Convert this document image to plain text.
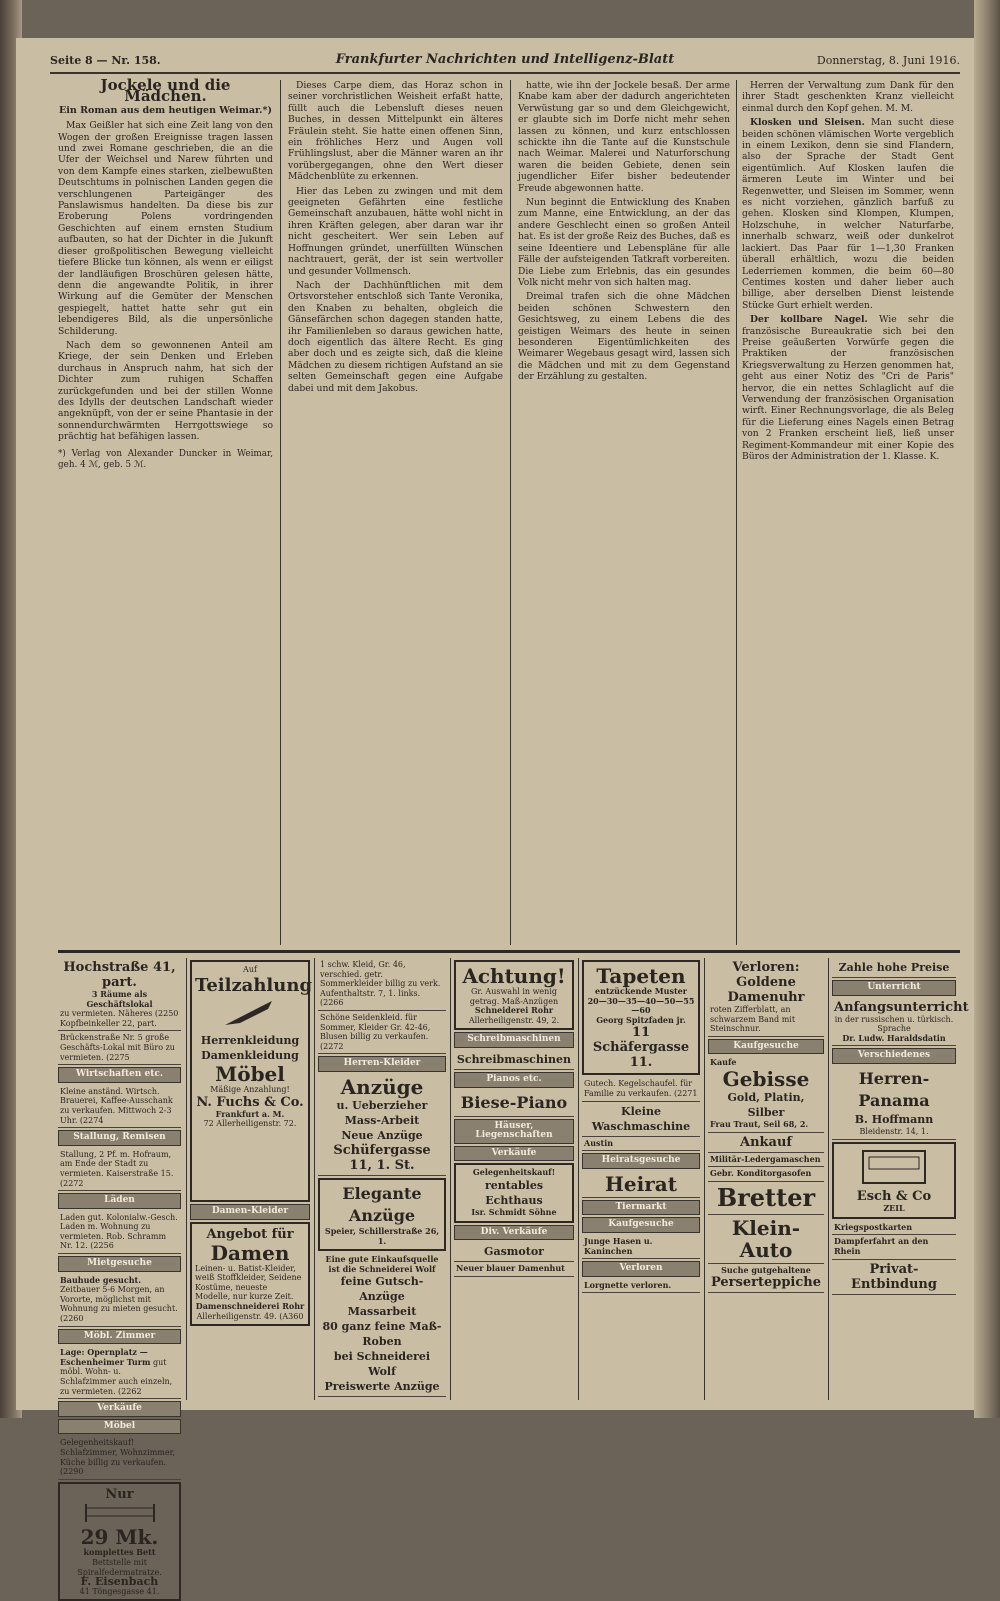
Seite 8 — Nr. 158.	Frankfurter Nachrichten und Intelligenz-Blatt	Donnerstag, 8. Juni 1916.
Jockele und die Mädchen.
Ein Roman aus dem heutigen Weimar.*)

Max Geißler hat sich eine Zeit lang von den Wogen der großen Ereignisse tragen lassen und zwei Romane geschrieben, die an die Ufer der Weichsel und Narew führten und von dem Kampfe eines starken, zielbewußten Deutschtums in polnischen Landen gegen die verschlungenen Parteigänger des Panslawismus handelten. Da diese bis zur Eroberung Polens vordringenden Geschichten auf einem ernsten Studium aufbauten, so hat der Dichter in die Jukunft dieser großpolitischen Bewegung vielleicht tiefere Blicke tun können, als wenn er eiligst der landläufigen Broschüren gelesen hätte, denn die angewandte Politik, in ihrer Wirkung auf die Gemüter der Menschen gespiegelt, hattet hatte sehr gut ein lebendigeres Bild, als die unpersönliche Schilderung.

Nach dem so gewonnenen Anteil am Kriege, der sein Denken und Erleben durchaus in Anspruch nahm, hat sich der Dichter zum ruhigen Schaffen zurückgefunden und bei der stillen Wonne des Idylls der deutschen Landschaft wieder angeknüpft, von der er seine Phantasie in der sonnendurchwärmten Herrgottswiege so prächtig hat befähigen lassen.

*) Verlag von Alexander Duncker in Weimar, geh. 4 ℳ, geb. 5 ℳ.

Dieses Carpe diem, das Horaz schon in seiner vorchristlichen Weisheit erfaßt hatte, füllt auch die Lebensluft dieses neuen Buches, in dessen Mittelpunkt ein älteres Fräulein steht. Sie hatte einen offenen Sinn, ein fröhliches Herz und Augen voll Frühlingslust, aber die Männer waren an ihr vorübergegangen, ohne den Wert dieser Mädchenblüte zu erkennen.

Hier das Leben zu zwingen und mit dem geeigneten Gefährten eine festliche Gemeinschaft anzubauen, hätte wohl nicht in ihren Kräften gelegen, aber daran war ihr nicht gescheitert. Wer sein Leben auf Hoffnungen gründet, unerfüllten Wünschen nachtrauert, gerät, der ist sein wertvoller und gesunder Vollmensch.

Nach der Dachhünftlichen mit dem Ortsvorsteher entschloß sich Tante Veronika, den Knaben zu behalten, obgleich die Gänsefärchen schon dagegen standen hatte, ihr Familienleben so daraus gewichen hatte, doch eigentlich das ältere Recht. Es ging aber doch und es zeigte sich, daß die kleine Mädchen zu diesem richtigen Aufstand an sie selten Gemeinschaft gegen eine Aufgabe dabei und mit dem Jakobus.

hatte, wie ihn der Jockele besaß. Der arme Knabe kam aber der dadurch angerichteten Verwüstung gar so und dem Gleichgewicht, er glaubte sich im Dorfe nicht mehr sehen lassen zu können, und kurz entschlossen schickte ihn die Tante auf die Kunstschule nach Weimar. Malerei und Naturforschung waren die beiden Gebiete, denen sein jugendlicher Eifer bisher bedeutender Freude abgewonnen hatte.

Nun beginnt die Entwicklung des Knaben zum Manne, eine Entwicklung, an der das andere Geschlecht einen so großen Anteil hat. Es ist der große Reiz des Buches, daß es seine Ideentiere und Lebenspläne für alle Fälle der aufsteigenden Tatkraft vorbereiten. Die Liebe zum Erlebnis, das ein gesundes Volk nicht mehr von sich halten mag.

Dreimal trafen sich die ohne Mädchen beiden schönen Schwestern den Gesichtsweg, zu einem Lebens die des geistigen Weimars des heute in seinen besonderen Eigentümlichkeiten des Weimarer Wegebaus gesagt wird, lassen sich die Mädchen und mit zu dem Gegenstand der Erzählung zu gestalten.

Herren der Verwaltung zum Dank für den ihrer Stadt geschenkten Kranz vielleicht einmal durch den Kopf gehen. M. M.

Klosken und Sleisen. Man sucht diese beiden schönen vlämischen Worte vergeblich in einem Lexikon, denn sie sind Flandern, also der Sprache der Stadt Gent eigentümlich. Auf Klosken laufen die ärmeren Leute im Winter und bei Regenwetter, und Sleisen im Sommer, wenn es nicht vorziehen, gänzlich barfuß zu gehen. Klosken sind Klompen, Klumpen, Holzschuhe, in welcher Naturfarbe, innerhalb schwarz, weiß oder dunkelrot lackiert. Das Paar für 1—1,30 Franken überall erhältlich, wozu die beiden Lederriemen kommen, die beim 60—80 Centimes kosten und daher lieber auch billige, aber derselben Dienst leistende Stücke Gurt erhielt werden.

Der kollbare Nagel. Wie sehr die französische Bureaukratie sich bei den Preise geäußerten Vorwürfe gegen die Praktiken der französischen Kriegsverwaltung zu Herzen genommen hat, geht aus einer Notiz des "Cri de Paris" hervor, die ein nettes Schlaglicht auf die Verwendung der französischen Organisation wirft. Einer Rechnungsvorlage, die als Beleg für die Lieferung eines Nagels einen Betrag von 2 Franken erscheint ließ, ließ unser Regiment-Kommandeur mit einer Kopie des Büros der Administration der 1. Klasse. K.

Hochstraße 41, part.
3 Räume als Geschäftslokal
zu vermieten. Näheres (2250 Kopfbeinkeller 22, part.
Brückenstraße Nr. 5 große Geschäfts-Lokal mit Büro zu vermieten. (2275
Wirtschaften etc.
Kleine anständ. Wirtsch. Brauerei, Kaffee-Ausschank zu verkaufen. Mittwoch 2-3 Uhr. (2274
Stallung, Remisen
Stallung, 2 Pf. m. Hofraum, am Ende der Stadt zu vermieten. Kaiserstraße 15. (2272
Läden
Laden gut. Kolonialw.-Gesch. Laden m. Wohnung zu vermieten. Rob. Schramm Nr. 12. (2256
Mietgesuche
Bauhude gesucht. Zeitbauer 5-6 Morgen, an Vororte, möglichst mit Wohnung zu mieten gesucht. (2260
Möbl. Zimmer
Lage: Opernplatz — Eschenheimer Turm gut möbl. Wohn- u. Schlafzimmer auch einzeln, zu vermieten. (2262
Verkäufe
Möbel
Gelegenheitskauf! Schlafzimmer, Wohnzimmer, Küche billig zu verkaufen. (2290
Nur
29 Mk.
komplettes Bett
Bettstelle mit Spiralfedermatratze.
F. Eisenbach
41 Töngesgasse 41.
Auf
Teilzahlung
Herrenkleidung
Damenkleidung
Möbel
Mäßige Anzahlung!
N. Fuchs & Co.
Frankfurt a. M.
72 Allerheiligenstr. 72.
Damen-Kleider
Angebot für
Damen
Leinen- u. Batist-Kleider, weiß Stoffkleider, Seidene Kostüme, neueste Modelle, nur kurze Zeit.
Damenschneiderei Rohr
Allerheiligenstr. 49. (A360
1 schw. Kleid, Gr. 46, verschied. getr. Sommerkleider billig zu verk. Aufenthaltstr. 7, 1. links. (2266
Schöne Seidenkleid. für Sommer, Kleider Gr. 42-46, Blusen billig zu verkaufen. (2272
Herren-Kleider
Anzüge
u. Ueberzieher
Mass-Arbeit
Neue Anzüge
Schüfergasse 11, 1. St.
Elegante Anzüge
Speier, Schillerstraße 26, 1.
Eine gute Einkaufsquelle ist die Schneiderei Wolf
feine Gutsch-Anzüge
Massarbeit
80 ganz feine Maß-Roben
bei Schneiderei Wolf
Preiswerte Anzüge
Achtung!
Gr. Auswahl in wenig getrag. Maß-Anzügen
Schneiderei Rohr
Allerheiligenstr. 49, 2.
Schreibmaschinen
Schreibmaschinen
Pianos etc.
Biese-Piano
Häuser, Liegenschaften
Verkäufe
Gelegenheitskauf!
rentables Echthaus
Isr. Schmidt Söhne
Div. Verkäufe
Gasmotor
Neuer blauer Damenhut
Tapeten
entzückende Muster
20—30—35—40—50—55—60
Georg Spitzfaden jr.
11 Schäfergasse 11.
Gutech. Kegelschaufel. für Familie zu verkaufen. (2271
Kleine Waschmaschine
Austin
Heiratsgesuche
Heirat
Tiermarkt
Kaufgesuche
Junge Hasen u. Kaninchen
Verloren
Lorgnette verloren.
Verloren: Goldene Damenuhr
roten Zifferblatt, an schwarzem Band mit Steinschnur.
Kaufgesuche
Kaufe
Gebisse
Gold, Platin, Silber
Frau Traut, Seil 68, 2.
Ankauf
Militär-Ledergamaschen
Gebr. Konditorgasofen
Bretter
Klein-Auto
Suche gutgehaltene
Perserteppiche
Zahle hohe Preise
Unterricht
Anfangsunterricht
in der russischen u. türkisch. Sprache
Dr. Ludw. Haraldsdatin
Verschiedenes
Herren-Panama
B. Hoffmann
Bleidenstr. 14, 1.
Esch & Co
ZEIL
Kriegspostkarten
Dampferfahrt an den Rhein
Privat-Entbindung
